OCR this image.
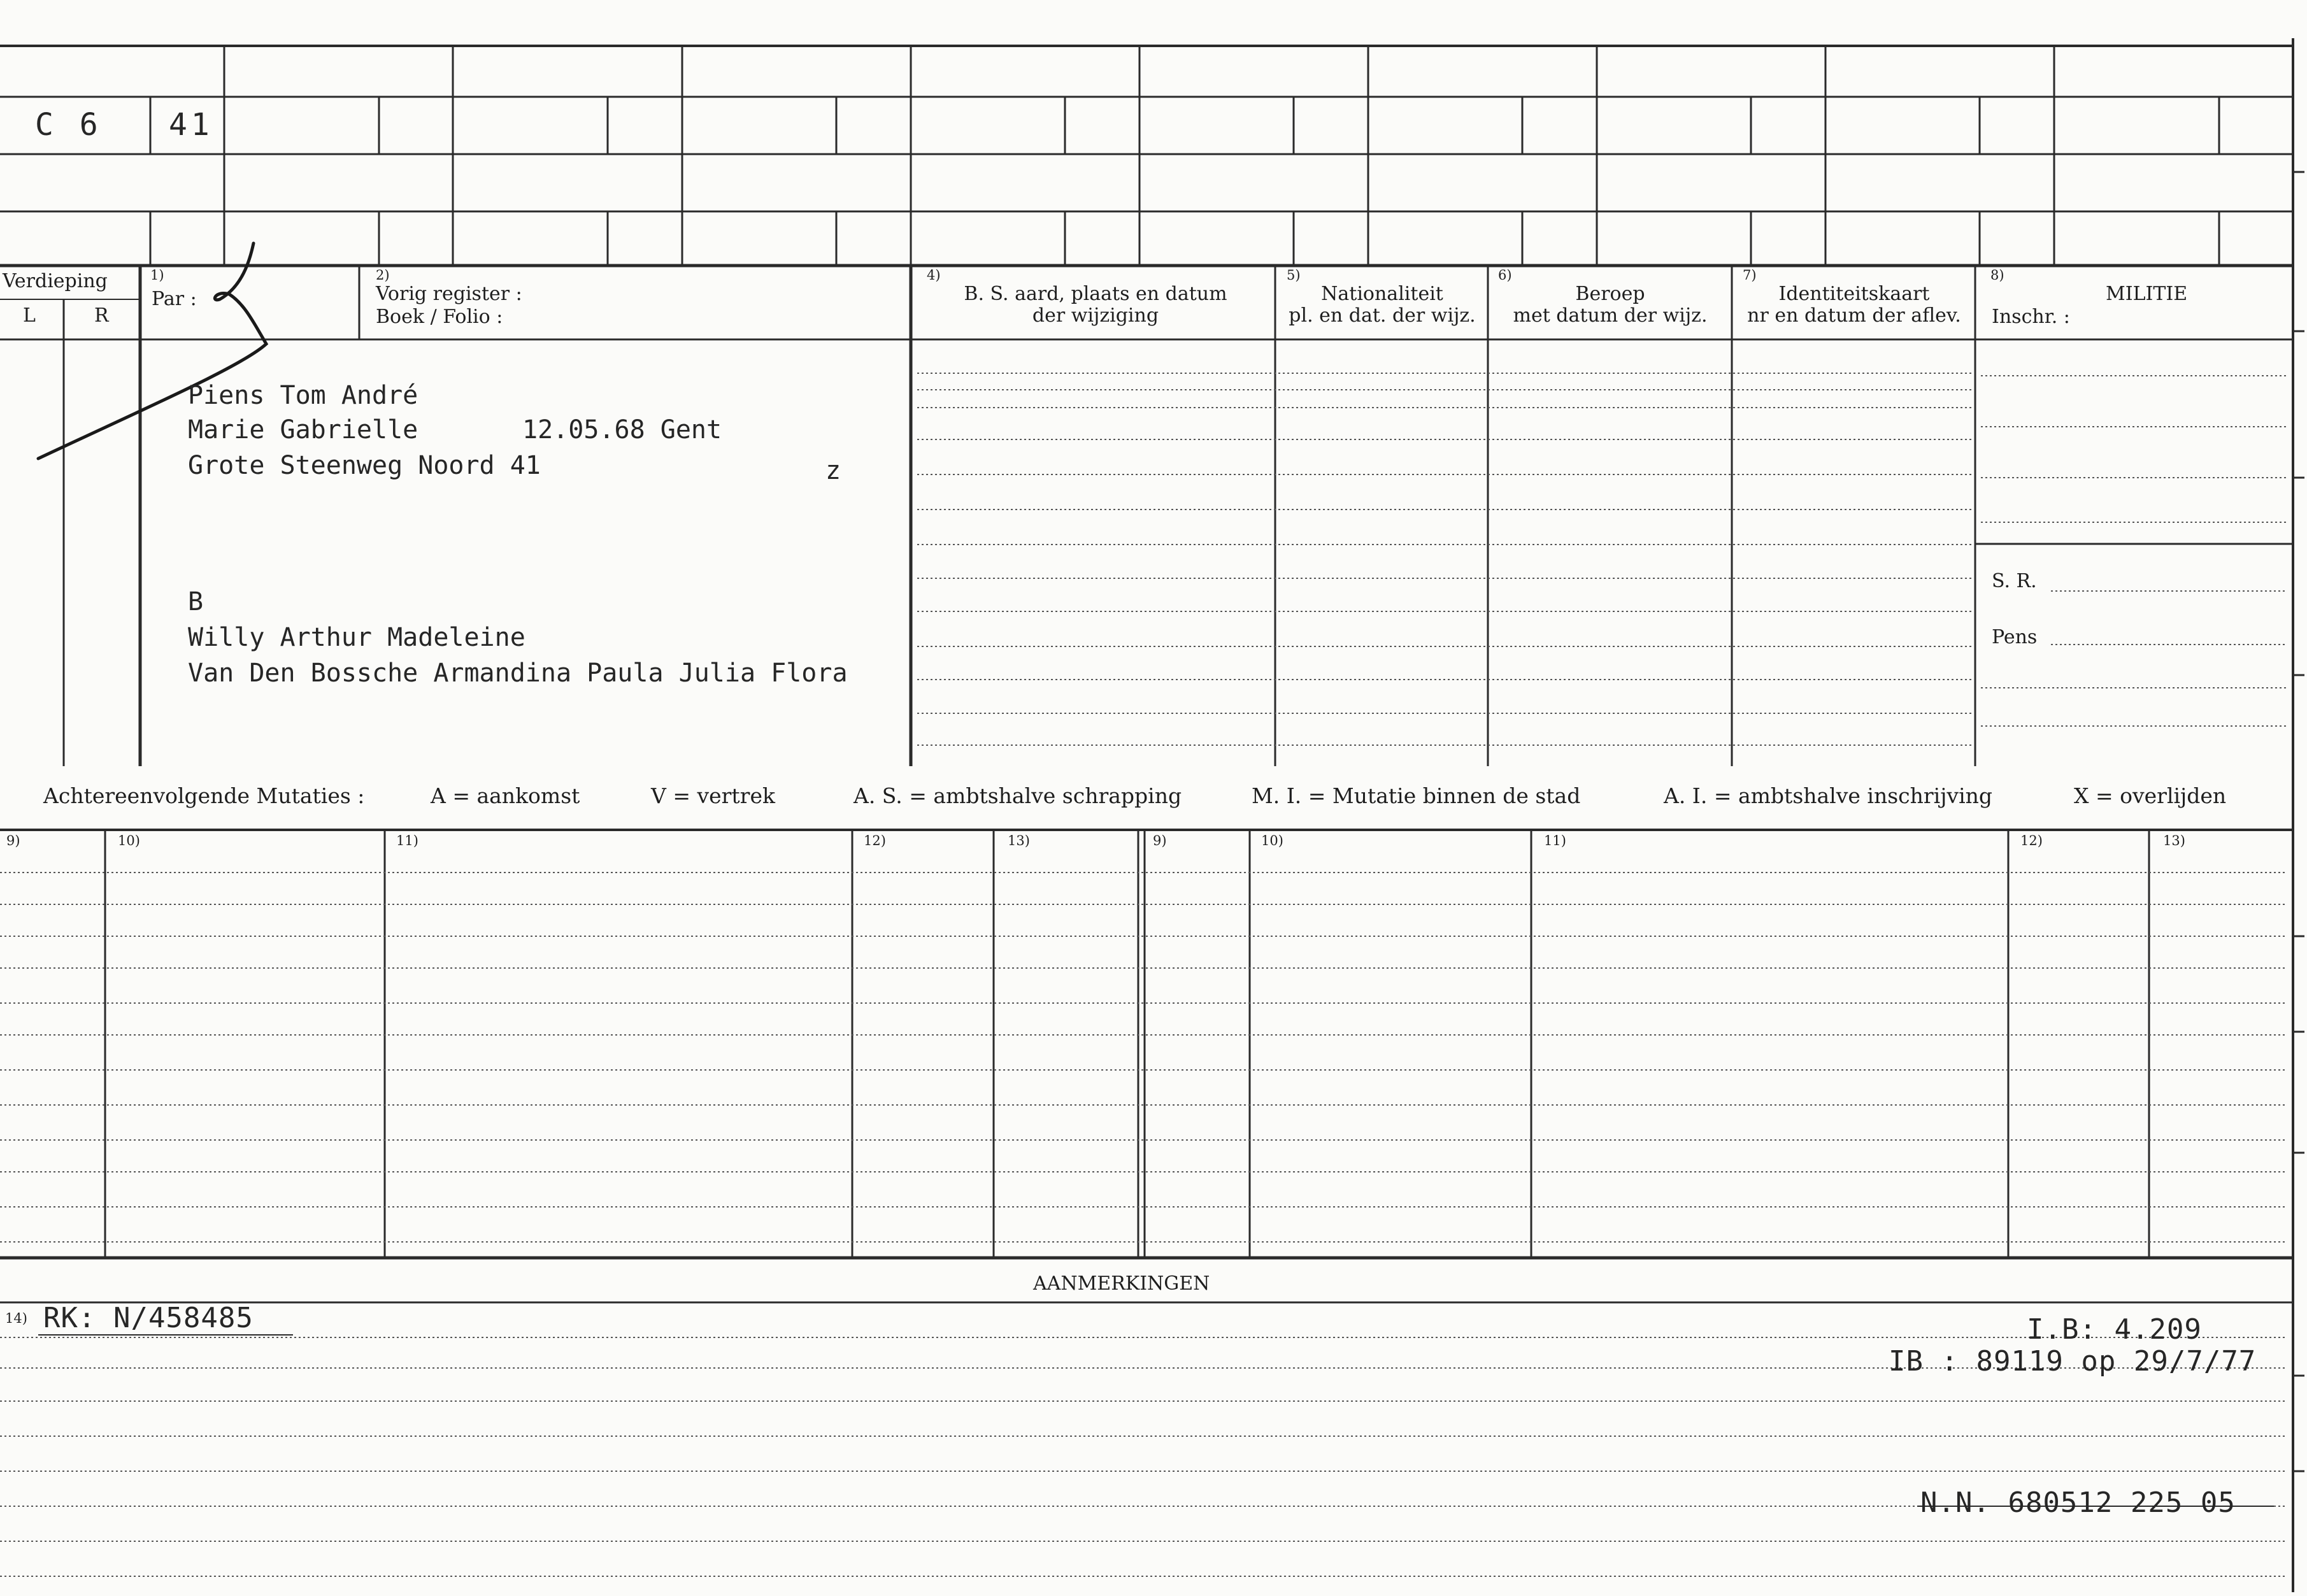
C 6 41
Verdieping
L	R
1)
Par :
2)
Vorig register :
Boek / Folio :
4)
B. S. aard, plaats en datum
der wijziging
5)
Nationaliteit
pl. en dat. der wijz.
6)
Beroep
met datum der wijz.
7)
Identiteitskaart
nr en datum der aflev.
8)
MILITIE
Inschr. :
S. R.
Pens
Piens Tom André
Marie Gabrielle	12.05.68 Gent
Grote Steenweg Noord 41	z
B
Willy Arthur Madeleine
Van Den Bossche Armandina Paula Julia Flora
Achtereenvolgende Mutaties :	A = aankomst	V = vertrek	A. S. = ambtshalve schrapping	M. I. = Mutatie binnen de stad	A. I. = ambtshalve inschrijving	X = overlijden
9)	10)	11)	12)	13)	9)	10)	11)	12)	13)
AANMERKINGEN
14) RK: N/458485	I.B: 4.209
IB : 89119 op 29/7/77
N.N. 680512 225 05
